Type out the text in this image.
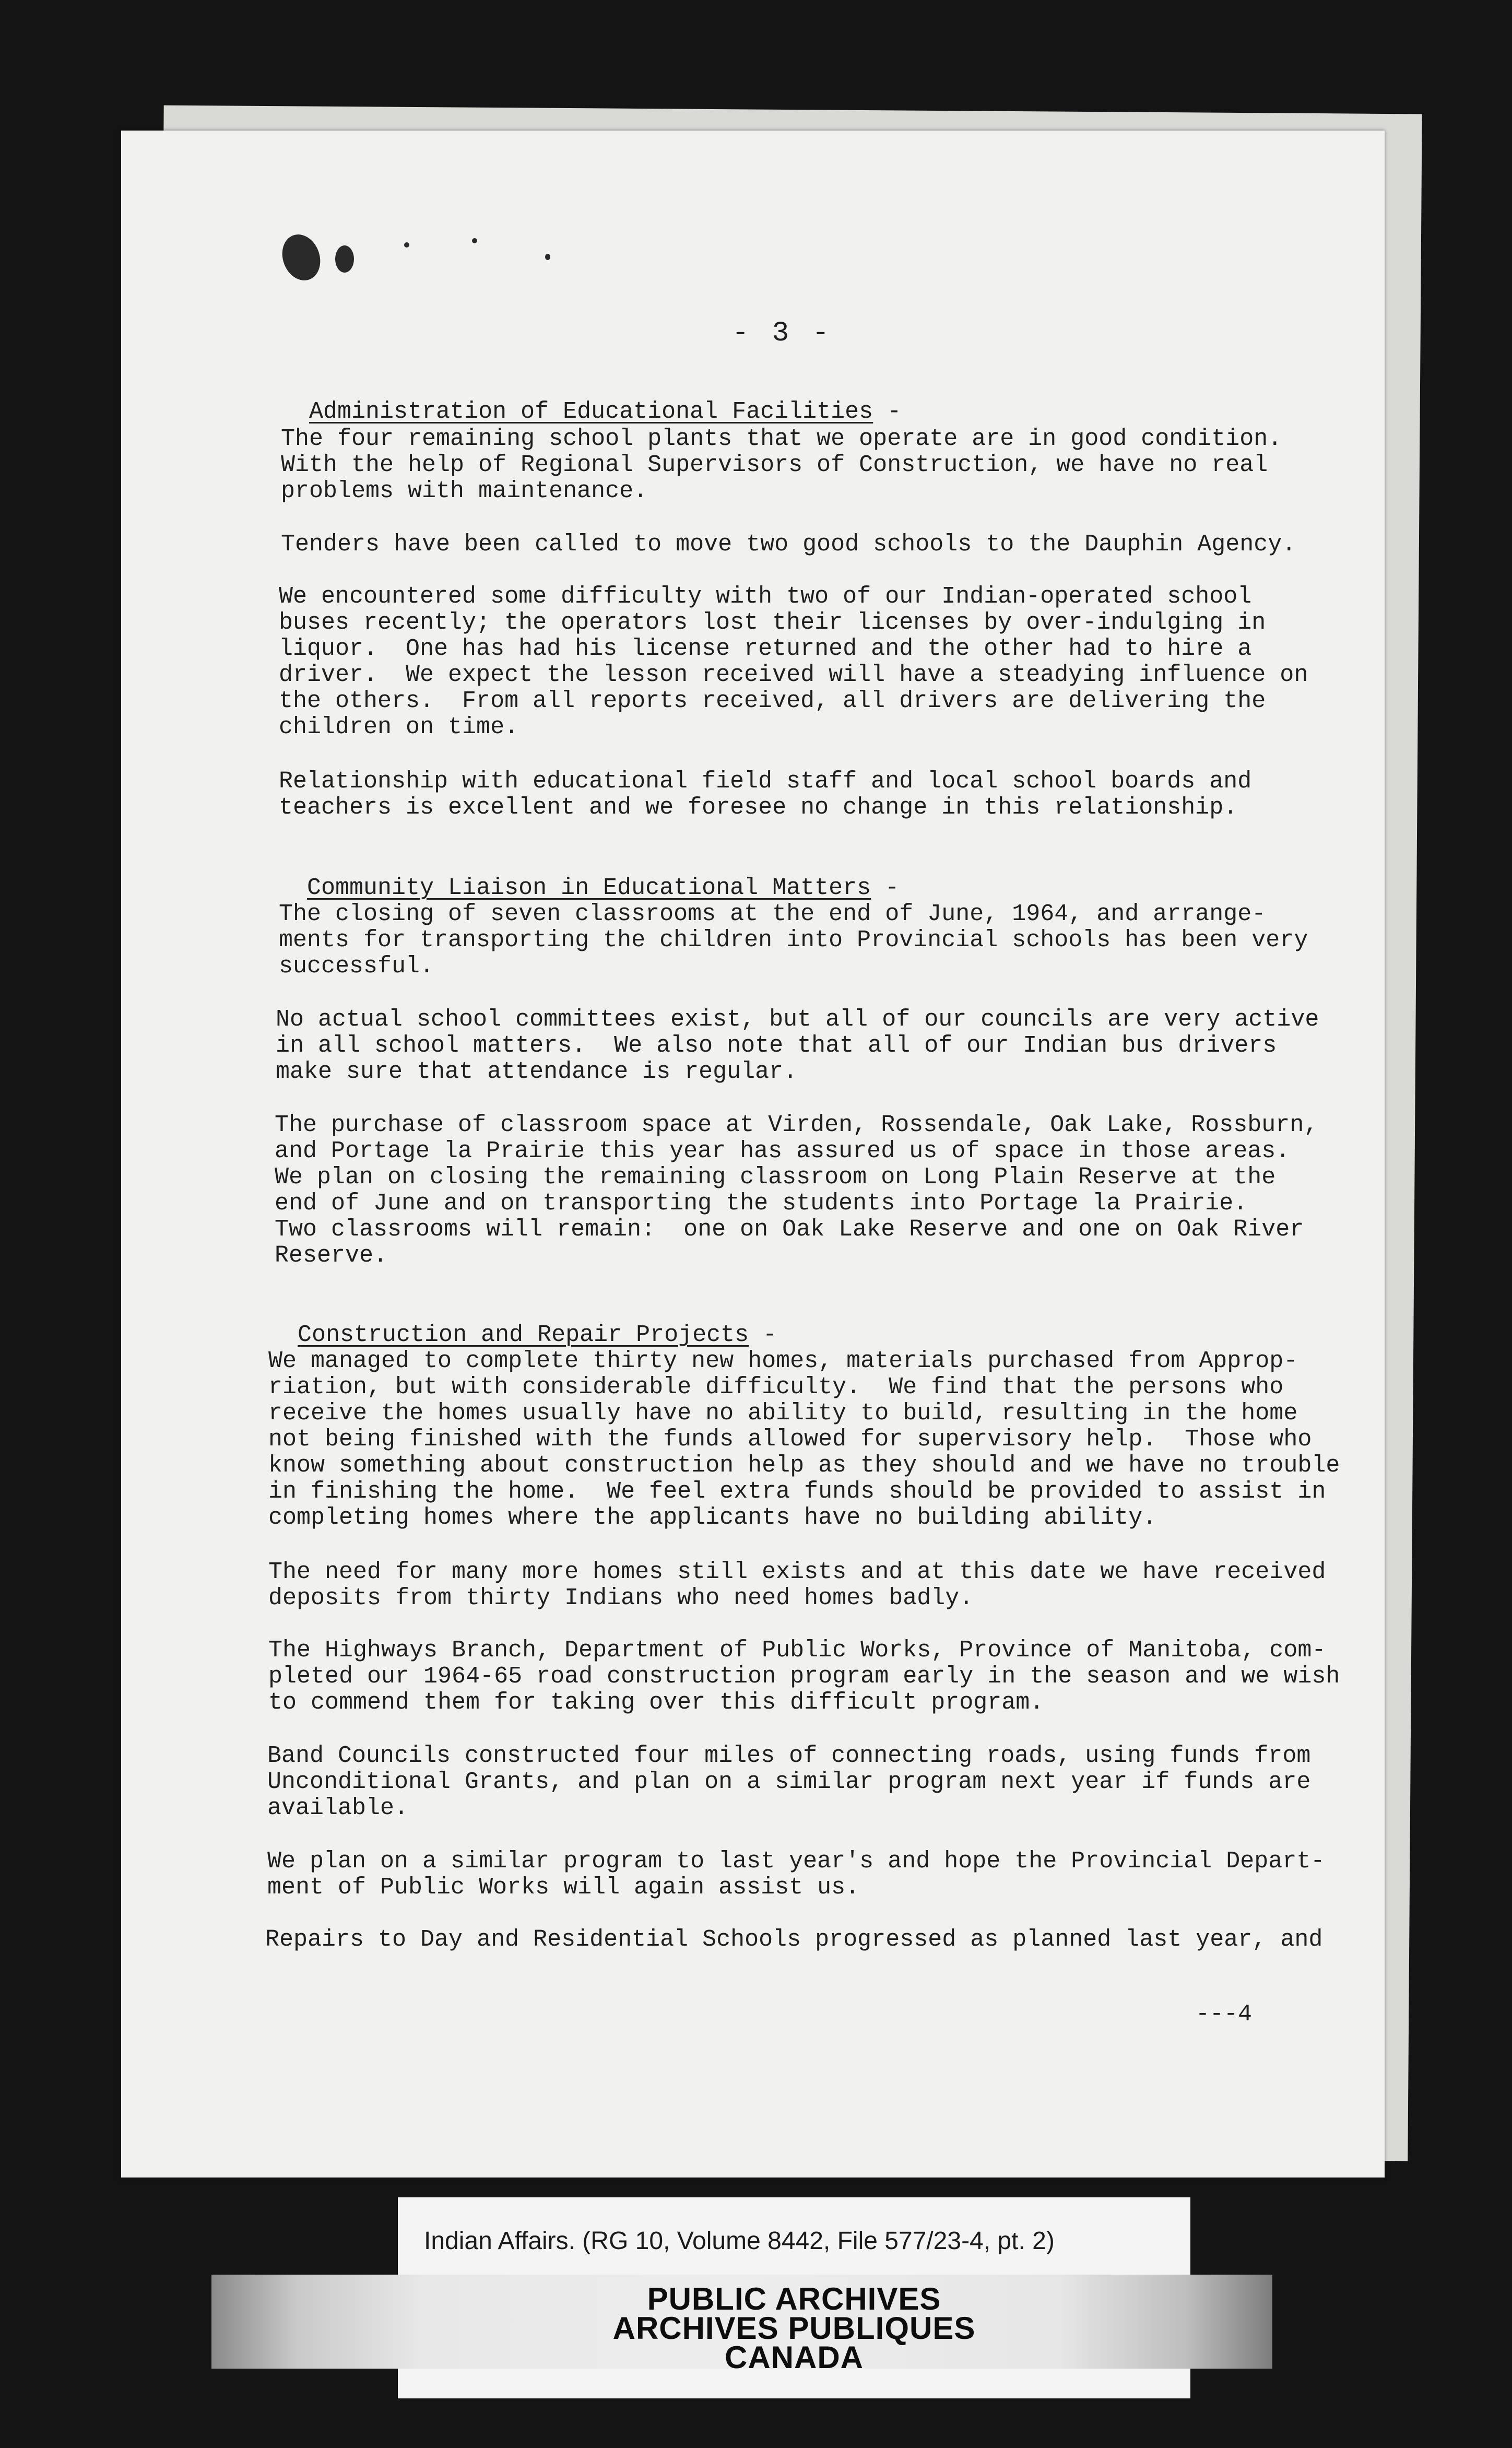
- 3 -

Administration of Educational Facilities -

The four remaining school plants that we operate are in good condition.
With the help of Regional Supervisors of Construction, we have no real
problems with maintenance.

Tenders have been called to move two good schools to the Dauphin Agency.

We encountered some difficulty with two of our Indian-operated school
buses recently; the operators lost their licenses by over-indulging in
liquor.  One has had his license returned and the other had to hire a
driver.  We expect the lesson received will have a steadying influence on
the others.  From all reports received, all drivers are delivering the
children on time.

Relationship with educational field staff and local school boards and
teachers is excellent and we foresee no change in this relationship.

Community Liaison in Educational Matters -

The closing of seven classrooms at the end of June, 1964, and arrange-
ments for transporting the children into Provincial schools has been very
successful.

No actual school committees exist, but all of our councils are very active
in all school matters.  We also note that all of our Indian bus drivers
make sure that attendance is regular.

The purchase of classroom space at Virden, Rossendale, Oak Lake, Rossburn,
and Portage la Prairie this year has assured us of space in those areas.
We plan on closing the remaining classroom on Long Plain Reserve at the
end of June and on transporting the students into Portage la Prairie.
Two classrooms will remain:  one on Oak Lake Reserve and one on Oak River
Reserve.

Construction and Repair Projects -

We managed to complete thirty new homes, materials purchased from Approp-
riation, but with considerable difficulty.  We find that the persons who
receive the homes usually have no ability to build, resulting in the home
not being finished with the funds allowed for supervisory help.  Those who
know something about construction help as they should and we have no trouble
in finishing the home.  We feel extra funds should be provided to assist in
completing homes where the applicants have no building ability.

The need for many more homes still exists and at this date we have received
deposits from thirty Indians who need homes badly.

The Highways Branch, Department of Public Works, Province of Manitoba, com-
pleted our 1964-65 road construction program early in the season and we wish
to commend them for taking over this difficult program.

Band Councils constructed four miles of connecting roads, using funds from
Unconditional Grants, and plan on a similar program next year if funds are
available.

We plan on a similar program to last year's and hope the Provincial Depart-
ment of Public Works will again assist us.

Repairs to Day and Residential Schools progressed as planned last year, and

---4
Indian Affairs. (RG 10, Volume 8442, File 577/23-4, pt. 2)
PUBLIC ARCHIVES
ARCHIVES PUBLIQUES
CANADA
